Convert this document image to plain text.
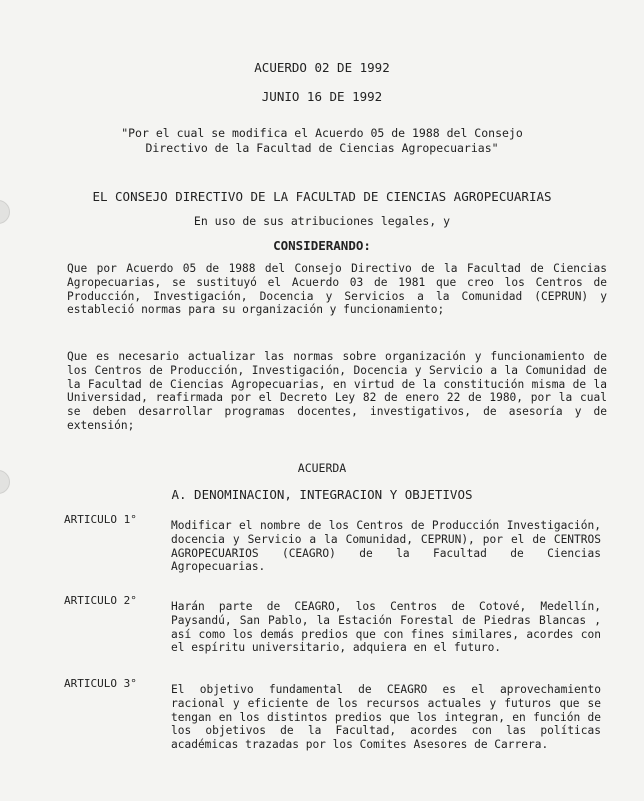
ACUERDO 02 DE 1992
JUNIO 16 DE 1992
"Por el cual se modifica el Acuerdo 05 de 1988 del Consejo
Directivo de la Facultad de Ciencias Agropecuarias"
EL CONSEJO DIRECTIVO DE LA FACULTAD DE CIENCIAS AGROPECUARIAS
En uso de sus atribuciones legales, y
CONSIDERANDO:
Que por Acuerdo 05 de 1988 del Consejo Directivo de la Facultad de Ciencias Agropecuarias, se sustituyó el Acuerdo 03 de 1981 que creo los Centros de Producción, Investigación, Docencia y Servicios a la Comunidad (CEPRUN) y estableció normas para su organización y funcionamiento;
Que es necesario actualizar las normas sobre organización y funcionamiento de los Centros de Producción, Investigación, Docencia y Servicio a la Comunidad de la Facultad de Ciencias Agropecuarias, en virtud de la constitución misma de la Universidad, reafirmada por el Decreto Ley 82 de enero 22 de 1980, por la cual se deben desarrollar programas docentes, investigativos, de asesoría y de extensión;
ACUERDA
A. DENOMINACION, INTEGRACION Y OBJETIVOS
ARTICULO 1°	Modificar el nombre de los Centros de Producción Investigación, docencia y Servicio a la Comunidad, CEPRUN), por el de CENTROS AGROPECUARIOS (CEAGRO) de la Facultad de Ciencias Agropecuarias.
ARTICULO 2°	Harán parte de CEAGRO, los Centros de Cotové, Medellín, Paysandú, San Pablo, la Estación Forestal de Piedras Blancas , así como los demás predios que con fines similares, acordes con el espíritu universitario, adquiera en el futuro.
ARTICULO 3°	El objetivo fundamental de CEAGRO es el aprovechamiento racional y eficiente de los recursos actuales y futuros que se tengan en los distintos predios que los integran, en función de los objetivos de la Facultad, acordes con las políticas académicas trazadas por los Comites Asesores de Carrera.
